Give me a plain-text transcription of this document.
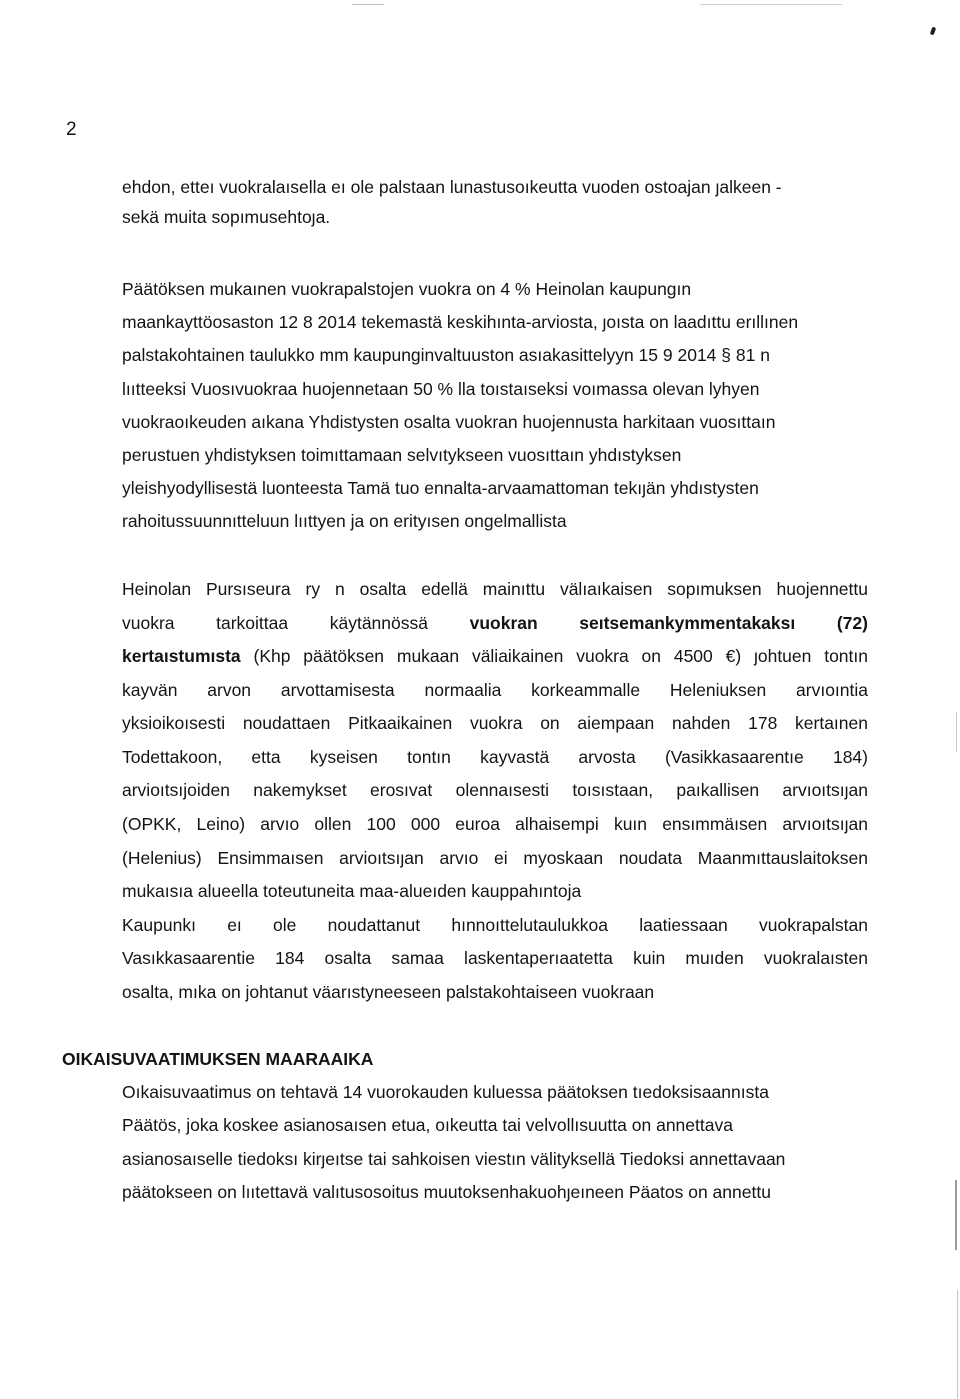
2
ehdon, etteı vuokralaısella eı ole palstaan lunastusoıkeutta vuoden ostoajan ȷalkeen -
sekä muita sopımusehtoȷa.
Päätöksen mukaınen vuokrapalstojen vuokra on 4 % Heinolan kaupungın
maankayttöosaston 12 8 2014 tekemastä keskihınta-arviosta, ȷoısta on laadıttu erıllınen
palstakohtainen taulukko mm kaupunginvaltuuston asıakasittelyyn 15 9 2014 § 81 n
lııtteeksi Vuosıvuokraa huojennetaan 50 % lla toıstaıseksi voımassa olevan lyhyen
vuokraoıkeuden aıkana Yhdistysten osalta vuokran huojennusta harkitaan vuosıttaın
perustuen yhdistyksen toimıttamaan selvıtykseen vuosıttaın yhdıstyksen
yleishyodyllisestä luonteesta Tamä tuo ennalta-arvaamattoman tekıȷän yhdıstysten
rahoitussuunnıtteluun lııttyen ja on erityısen ongelmallista
Heinolan Pursıseura ry n osalta edellä mainıttu välıaıkaisen sopımuksen huojennettu
vuokra tarkoittaa käytännössä vuokran seıtsemankymmentakaksı (72)
kertaıstumısta (Khp päätöksen mukaan väliaikainen vuokra on 4500 €) ȷohtuen tontın
kayvän arvon arvottamisesta normaalia korkeammalle Heleniuksen arvıoıntia
yksioikoısesti noudattaen Pitkaaikainen vuokra on aiempaan nahden 178 kertaınen
Todettakoon, etta kyseisen tontın kayvastä arvosta (Vasikkasaarentıe 184)
arvioıtsıjoiden nakemykset erosıvat olennaısesti toısıstaan, paıkallisen arvıoıtsıȷan
(OPKK, Leino) arvıo ollen 100 000 euroa alhaisempi kuın ensımmäısen arvıoıtsıȷan
(Helenius) Ensimmaısen arvioıtsıȷan arvıo ei myoskaan noudata Maanmıttauslaitoksen
mukaısıa alueella toteutuneita maa-alueıden kauppahıntoja
Kaupunkı eı ole noudattanut hınnoıttelutaulukkoa laatiessaan vuokrapalstan
Vasıkkasaarentie 184 osalta samaa laskentaperıaatetta kuin muıden vuokralaısten
osalta, mıka on johtanut väarıstyneeseen palstakohtaiseen vuokraan
OIKAISUVAATIMUKSEN MAARAAIKA
Oıkaisuvaatimus on tehtavä 14 vuorokauden kuluessa päätoksen tıedoksisaannısta
Päätös, joka koskee asianosaısen etua, oıkeutta tai velvollısuutta on annettava
asianosaıselle tiedoksı kirȷeıtse tai sahkoisen viestın välityksellä Tiedoksi annettavaan
päätokseen on lııtettavä valıtusosoitus muutoksenhakuohȷeıneen Päatos on annettu
